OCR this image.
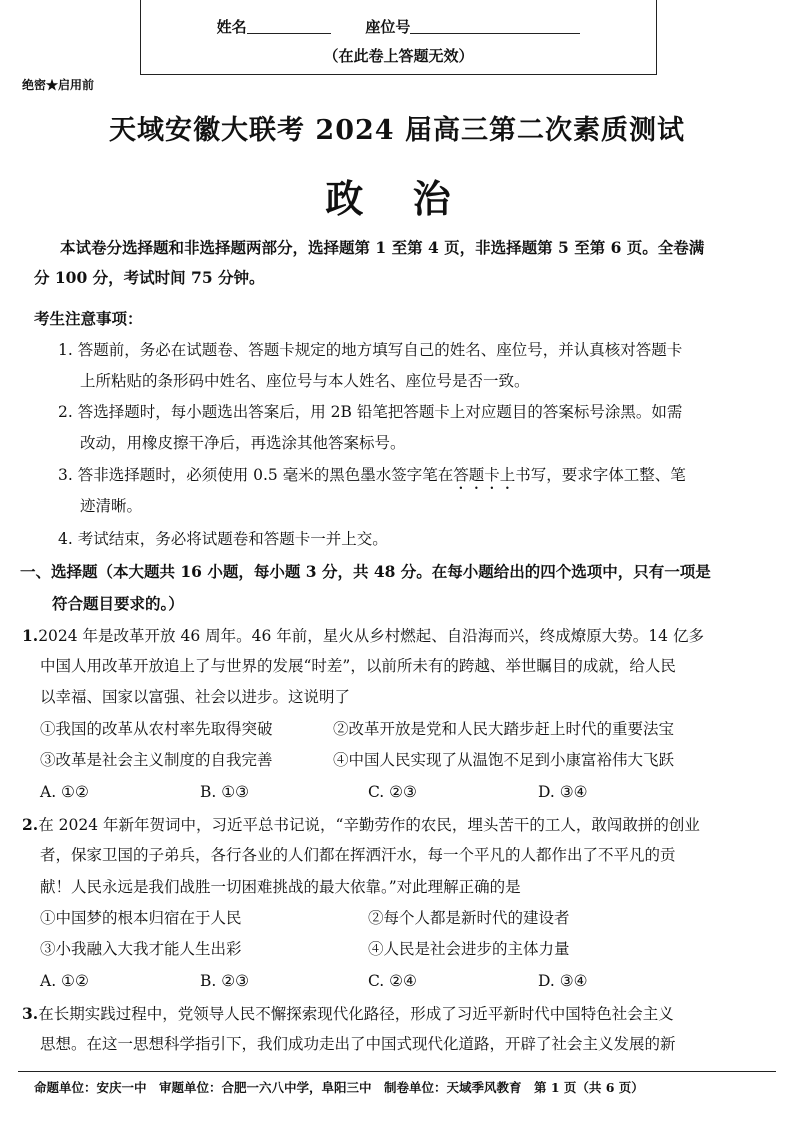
姓名	座位号
（在此卷上答题无效）
绝密★启用前
天域安徽大联考 2024 届高三第二次素质测试
政 治
本试卷分选择题和非选择题两部分，选择题第 1 至第 4 页，非选择题第 5 至第 6 页。全卷满
分 100 分，考试时间 75 分钟。
考生注意事项：
1. 答题前，务必在试题卷、答题卡规定的地方填写自己的姓名、座位号，并认真核对答题卡
上所粘贴的条形码中姓名、座位号与本人姓名、座位号是否一致。
2. 答选择题时，每小题选出答案后，用 2B 铅笔把答题卡上对应题目的答案标号涂黑。如需
改动，用橡皮擦干净后，再选涂其他答案标号。
3. 答非选择题时，必须使用 0.5 毫米的黑色墨水签字笔在答题卡上书写，要求字体工整、笔
迹清晰。
4. 考试结束，务必将试题卷和答题卡一并上交。
一、选择题（本大题共 16 小题，每小题 3 分，共 48 分。在每小题给出的四个选项中，只有一项是
符合题目要求的。）
1.2024 年是改革开放 46 周年。46 年前，星火从乡村燃起、自沿海而兴，终成燎原大势。14 亿多
中国人用改革开放追上了与世界的发展“时差”，以前所未有的跨越、举世瞩目的成就，给人民
以幸福、国家以富强、社会以进步。这说明了
①我国的改革从农村率先取得突破	②改革开放是党和人民大踏步赶上时代的重要法宝
③改革是社会主义制度的自我完善	④中国人民实现了从温饱不足到小康富裕伟大飞跃
A. ①②	B. ①③	C. ②③	D. ③④
2.在 2024 年新年贺词中，习近平总书记说，“辛勤劳作的农民，埋头苦干的工人，敢闯敢拼的创业
者，保家卫国的子弟兵，各行各业的人们都在挥洒汗水，每一个平凡的人都作出了不平凡的贡
献！人民永远是我们战胜一切困难挑战的最大依靠。”对此理解正确的是
①中国梦的根本归宿在于人民	②每个人都是新时代的建设者
③小我融入大我才能人生出彩	④人民是社会进步的主体力量
A. ①②	B. ②③	C. ②④	D. ③④
3.在长期实践过程中，党领导人民不懈探索现代化路径，形成了习近平新时代中国特色社会主义
思想。在这一思想科学指引下，我们成功走出了中国式现代化道路，开辟了社会主义发展的新
命题单位：安庆一中　审题单位：合肥一六八中学，阜阳三中　制卷单位：天域季风教育　第 1 页（共 6 页）
